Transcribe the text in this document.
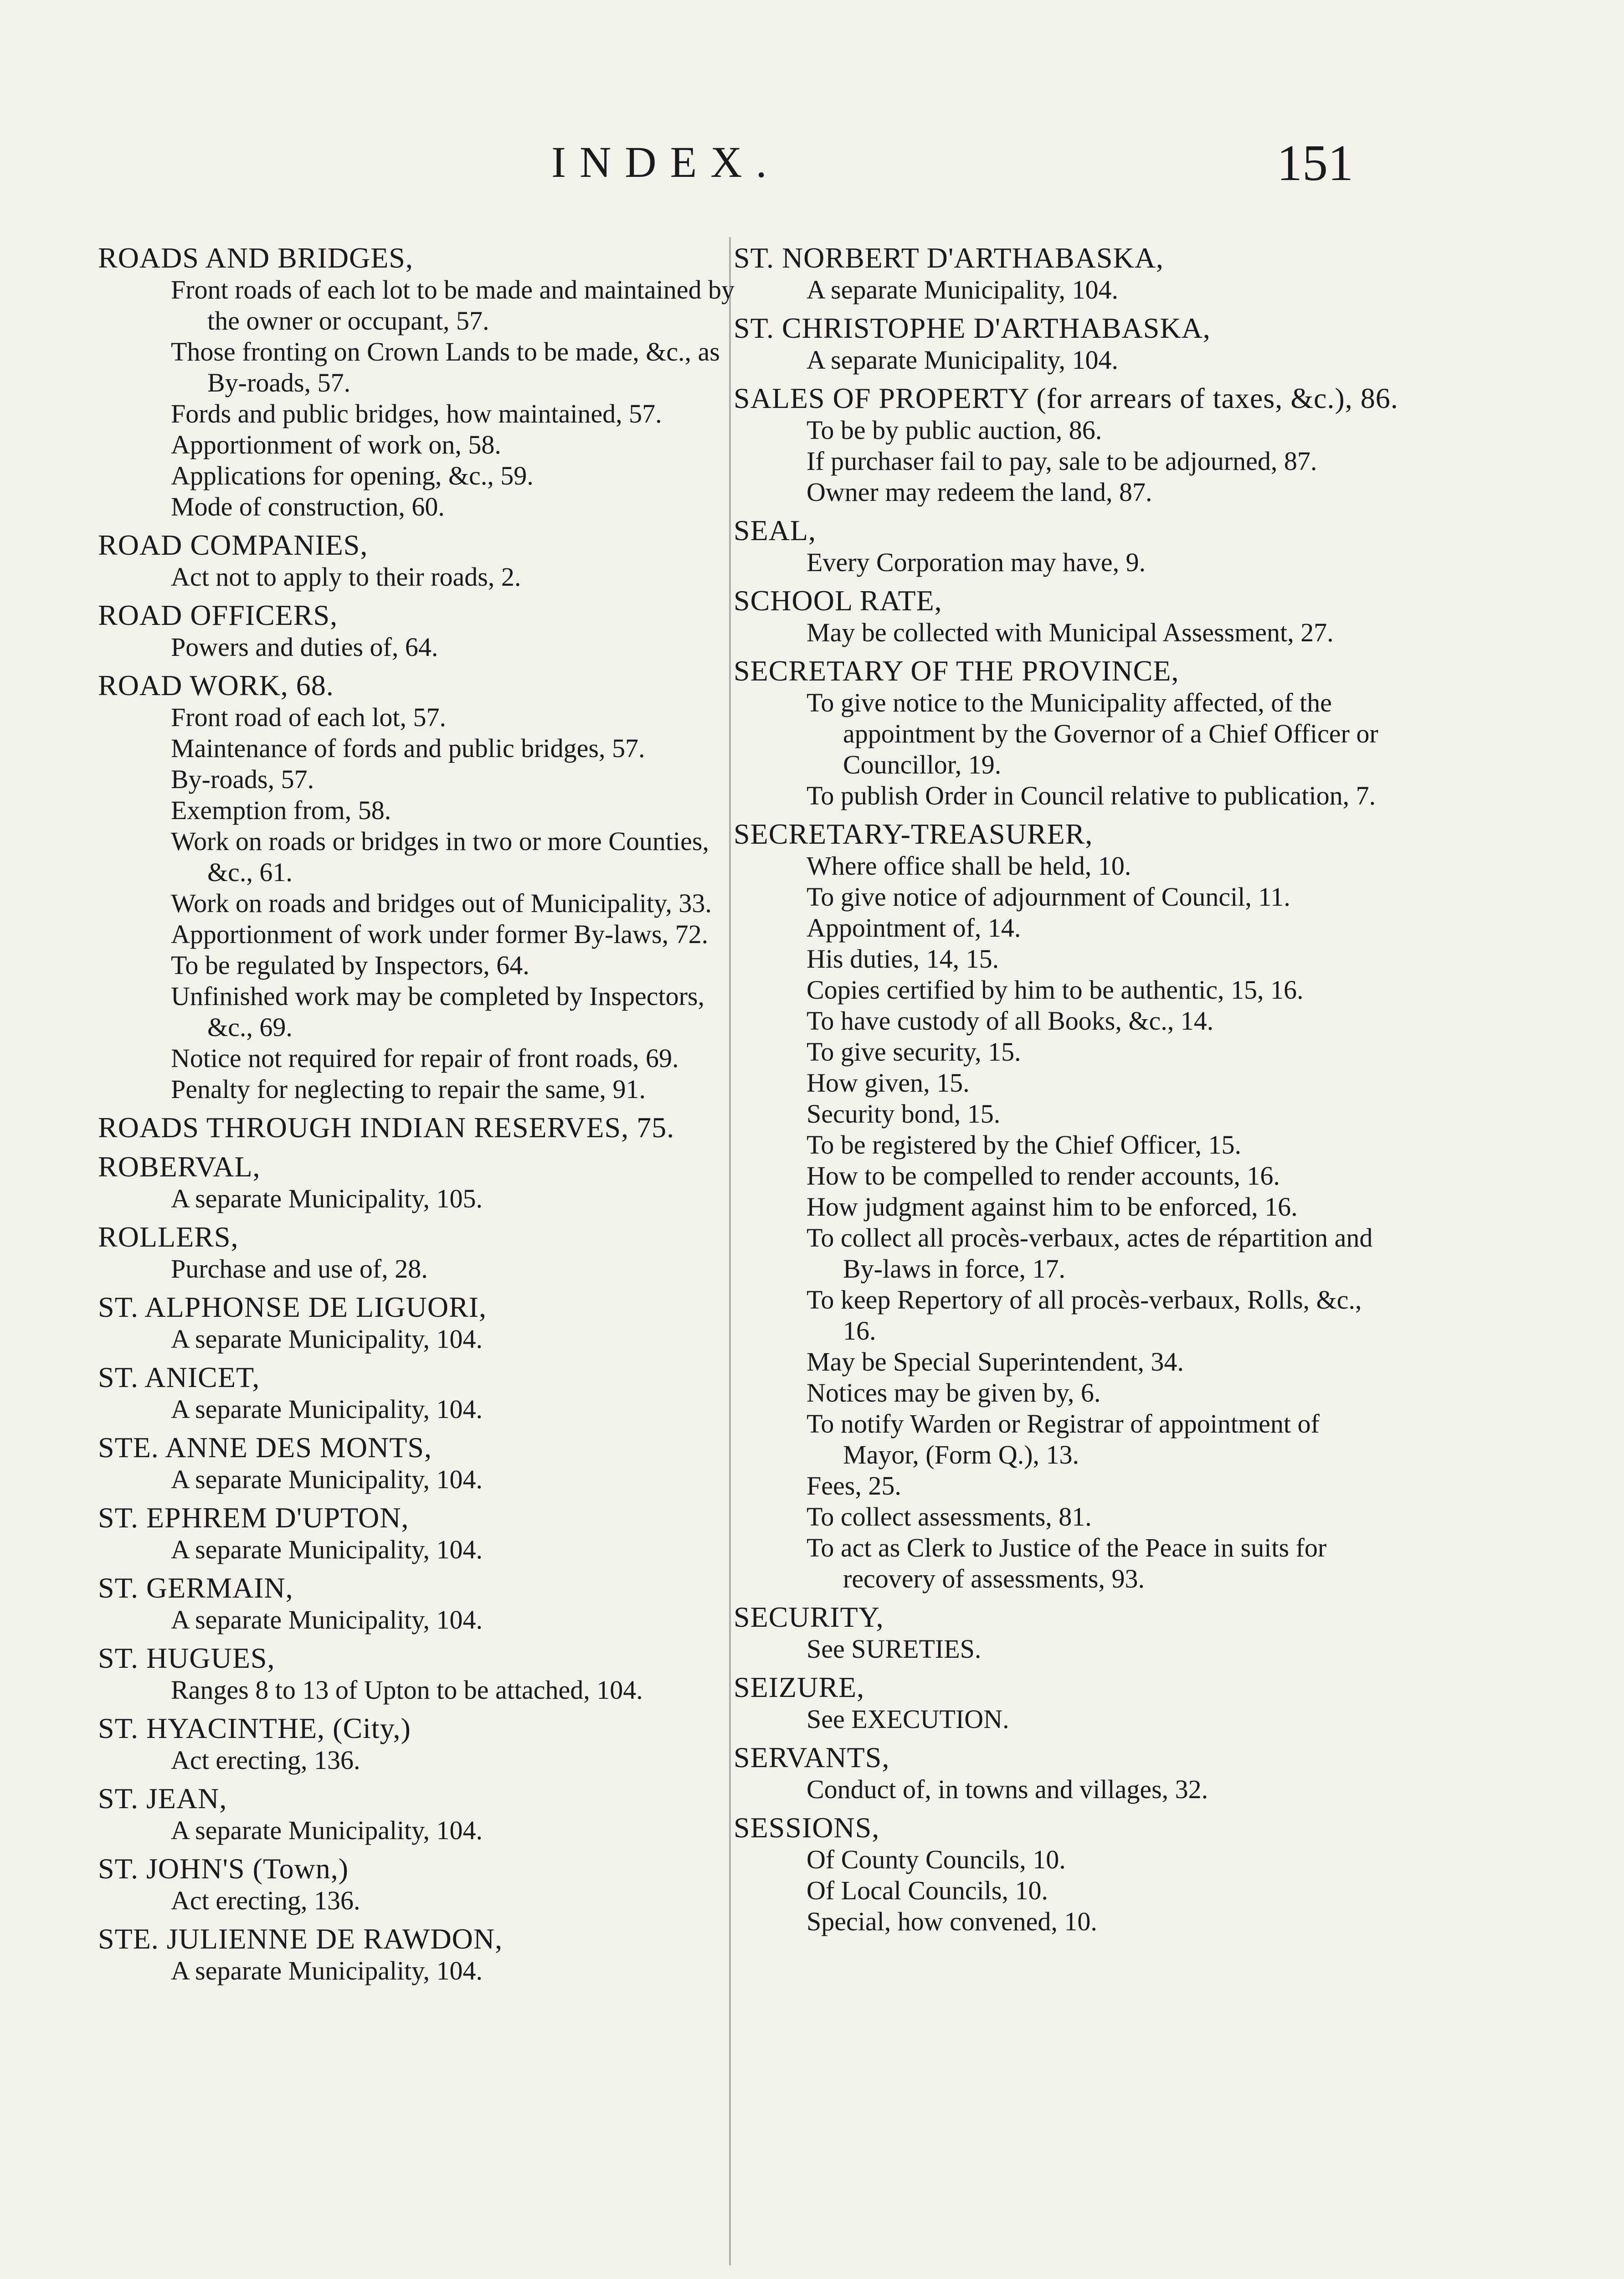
INDEX.	151
ROADS AND BRIDGES,
Front roads of each lot to be made and maintained by the owner or occupant, 57.
Those fronting on Crown Lands to be made, &c., as By-roads, 57.
Fords and public bridges, how maintained, 57.
Apportionment of work on, 58.
Applications for opening, &c., 59.
Mode of construction, 60.
ROAD COMPANIES,
Act not to apply to their roads, 2.
ROAD OFFICERS,
Powers and duties of, 64.
ROAD WORK, 68.
Front road of each lot, 57.
Maintenance of fords and public bridges, 57.
By-roads, 57.
Exemption from, 58.
Work on roads or bridges in two or more Counties, &c., 61.
Work on roads and bridges out of Municipality, 33.
Apportionment of work under former By-laws, 72.
To be regulated by Inspectors, 64.
Unfinished work may be completed by Inspectors, &c., 69.
Notice not required for repair of front roads, 69.
Penalty for neglecting to repair the same, 91.
ROADS THROUGH INDIAN RESERVES, 75.
ROBERVAL,
A separate Municipality, 105.
ROLLERS,
Purchase and use of, 28.
ST. ALPHONSE DE LIGUORI,
A separate Municipality, 104.
ST. ANICET,
A separate Municipality, 104.
STE. ANNE DES MONTS,
A separate Municipality, 104.
ST. EPHREM D'UPTON,
A separate Municipality, 104.
ST. GERMAIN,
A separate Municipality, 104.
ST. HUGUES,
Ranges 8 to 13 of Upton to be attached, 104.
ST. HYACINTHE, (City,)
Act erecting, 136.
ST. JEAN,
A separate Municipality, 104.
ST. JOHN'S (Town,)
Act erecting, 136.
STE. JULIENNE DE RAWDON,
A separate Municipality, 104.
ST. NORBERT D'ARTHABASKA,
A separate Municipality, 104.
ST. CHRISTOPHE D'ARTHABASKA,
A separate Municipality, 104.
SALES OF PROPERTY (for arrears of taxes, &c.), 86.
To be by public auction, 86.
If purchaser fail to pay, sale to be adjourned, 87.
Owner may redeem the land, 87.
SEAL,
Every Corporation may have, 9.
SCHOOL RATE,
May be collected with Municipal Assessment, 27.
SECRETARY OF THE PROVINCE,
To give notice to the Municipality affected, of the appointment by the Governor of a Chief Officer or Councillor, 19.
To publish Order in Council relative to publication, 7.
SECRETARY-TREASURER,
Where office shall be held, 10.
To give notice of adjournment of Council, 11.
Appointment of, 14.
His duties, 14, 15.
Copies certified by him to be authentic, 15, 16.
To have custody of all Books, &c., 14.
To give security, 15.
How given, 15.
Security bond, 15.
To be registered by the Chief Officer, 15.
How to be compelled to render accounts, 16.
How judgment against him to be enforced, 16.
To collect all procès-verbaux, actes de répartition and By-laws in force, 17.
To keep Repertory of all procès-verbaux, Rolls, &c., 16.
May be Special Superintendent, 34.
Notices may be given by, 6.
To notify Warden or Registrar of appointment of Mayor, (Form Q.), 13.
Fees, 25.
To collect assessments, 81.
To act as Clerk to Justice of the Peace in suits for recovery of assessments, 93.
SECURITY,
See SURETIES.
SEIZURE,
See EXECUTION.
SERVANTS,
Conduct of, in towns and villages, 32.
SESSIONS,
Of County Councils, 10.
Of Local Councils, 10.
Special, how convened, 10.
